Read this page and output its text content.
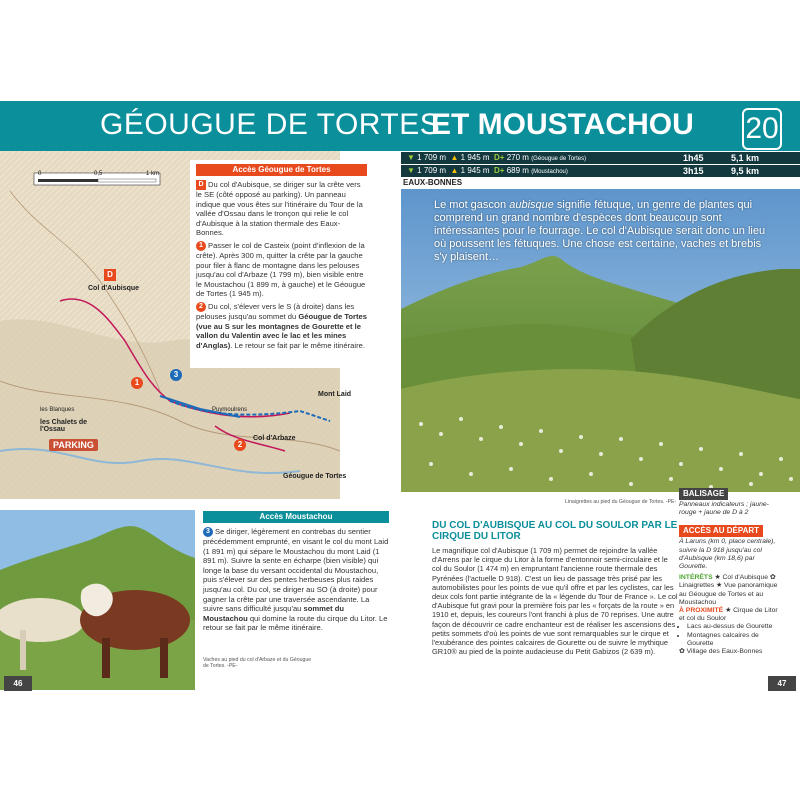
GÉOUGUE DE TORTES
ET MOUSTACHOU 20
0	0,5	1 km
D
Col d'Aubisque
PARKING
1
2
3
Col d'Arbaze
Géougue de Tortes
Mont Laid
Puymoulrens
les Blanques
les Chalets de l'Ossau
Accès Géougue de Tortes

D Du col d'Aubisque, se diriger sur la crête vers le SE (côté opposé au parking). Un panneau indique que vous êtes sur l'itinéraire du Tour de la vallée d'Ossau dans le tronçon qui relie le col d'Aubisque à la station thermale des Eaux-Bonnes.

1 Passer le col de Casteix (point d'inflexion de la crête). Après 300 m, quitter la crête par la gauche pour filer à flanc de montagne dans les pelouses jusqu'au col d'Arbaze (1 799 m), bien visible entre le Moustachou (1 899 m, à gauche) et le Géougue de Tortes (1 945 m).

2 Du col, s'élever vers le S (à droite) dans les pelouses jusqu'au sommet du Géougue de Tortes (vue au S sur les montagnes de Gourette et le vallon du Valentin avec le lac et les mines d'Anglas). Le retour se fait par le même itinéraire.

▼ 1 709 m ▲ 1 945 m D+ 270 m (Géougue de Tortes)	1h45	5,1 km
▼ 1 709 m ▲ 1 945 m D+ 689 m (Moustachou)	3h15	9,5 km
EAUX-BONNES
Le mot gascon aubisque signifie fétuque, un genre de plantes qui comprend un grand nombre d'espèces dont beaucoup sont intéressantes pour le fourrage. Le col d'Aubisque serait donc un lieu où poussent les fétuques. Une chose est certaine, vaches et brebis s'y plaisent…
Linaigrettes au pied du Géougue de Tortes. -PE-
Accès Moustachou

3 Se diriger, légèrement en contrebas du sentier précédemment emprunté, en visant le col du mont Laid (1 891 m) qui sépare le Moustachou du mont Laid (1 891 m). Suivre la sente en écharpe (bien visible) qui longe la base du versant occidental du Moustachou, puis s'élever sur des pentes herbeuses plus raides jusqu'au col. Du col, se diriger au SO (à droite) pour gagner la crête par une traversée ascendante. La suivre sans difficulté jusqu'au sommet du Moustachou qui domine la route du cirque du Litor. Le retour se fait par le même itinéraire.

Vaches au pied du col d'Arbaze et du Géougue de Tortes. -PE-
DU COL D'AUBISQUE AU COL DU SOULOR PAR LE CIRQUE DU LITOR
Le magnifique col d'Aubisque (1 709 m) permet de rejoindre la vallée d'Arrens par le cirque du Litor à la forme d'entonnoir semi-circulaire et le col du Soulor (1 474 m) en empruntant l'ancienne route thermale des Pyrénées (l'actuelle D 918). C'est un lieu de passage très prisé par les automobilistes pour les points de vue qu'il offre et par les cyclistes, car les deux cols font partie intégrante de la « légende du Tour de France ». Le col d'Aubisque fut gravi pour la première fois par les « forçats de la route » en 1910 et, depuis, les coureurs l'ont franchi à plus de 70 reprises. Une autre façon de découvrir ce cadre enchanteur est de réaliser les ascensions des petits sommets d'où les points de vue sont remarquables sur le cirque et l'exubérance des pointes calcaires de Gourette ou de suivre le mythique GR10® au pied de la pointe audacieuse du Petit Gabizos (2 639 m).
BALISAGE
Panneaux indicateurs ; jaune-rouge + jaune de D à 2
ACCÈS AU DÉPART
À Laruns (km 0, place centrale), suivre la D 918 jusqu'au col d'Aubisque (km 18,6) par Gourette.
INTÉRÊTS ★ Col d'Aubisque ✿ Linaigrettes ★ Vue panoramique au Géougue de Tortes et au Moustachou
À PROXIMITÉ ★ Cirque de Litor et col du Soulor
• Lacs au-dessus de Gourette
• Montagnes calcaires de Gourette
✿ Village des Eaux-Bonnes
46	47
